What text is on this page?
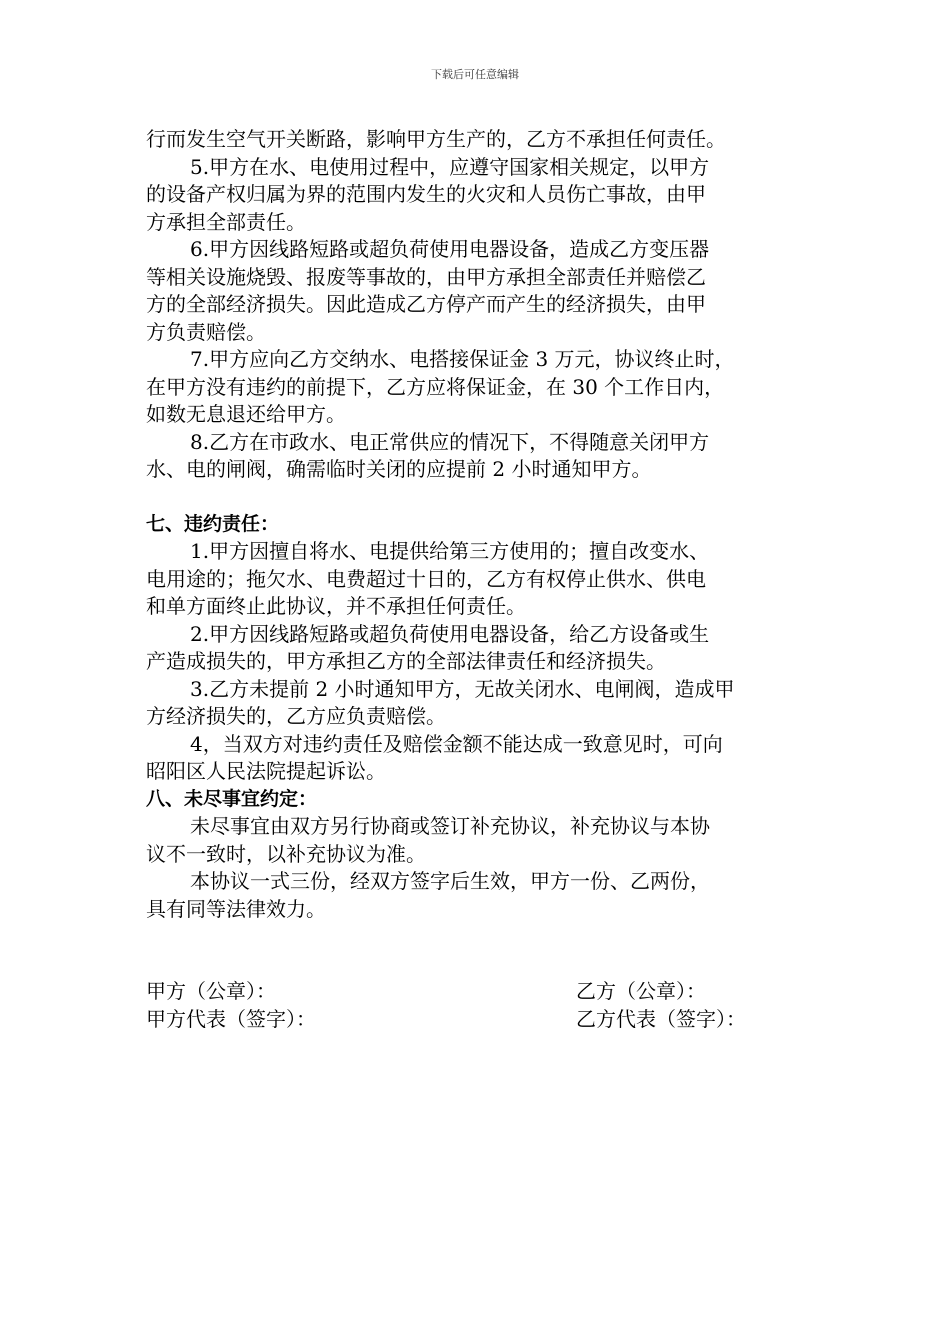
下载后可任意编辑
行而发生空气开关断路，影响甲方生产的，乙方不承担任何责任。
5.甲方在水、电使用过程中，应遵守国家相关规定，以甲方
的设备产权归属为界的范围内发生的火灾和人员伤亡事故，由甲
方承担全部责任。
6.甲方因线路短路或超负荷使用电器设备，造成乙方变压器
等相关设施烧毁、报废等事故的，由甲方承担全部责任并赔偿乙
方的全部经济损失。因此造成乙方停产而产生的经济损失，由甲
方负责赔偿。
7.甲方应向乙方交纳水、电搭接保证金 3 万元，协议终止时，
在甲方没有违约的前提下，乙方应将保证金，在 30 个工作日内，
如数无息退还给甲方。
8.乙方在市政水、电正常供应的情况下，不得随意关闭甲方
水、电的闸阀，确需临时关闭的应提前 2 小时通知甲方。
七、违约责任：
1.甲方因擅自将水、电提供给第三方使用的；擅自改变水、
电用途的；拖欠水、电费超过十日的，乙方有权停止供水、供电
和单方面终止此协议，并不承担任何责任。
2.甲方因线路短路或超负荷使用电器设备，给乙方设备或生
产造成损失的，甲方承担乙方的全部法律责任和经济损失。
3.乙方未提前 2 小时通知甲方，无故关闭水、电闸阀，造成甲
方经济损失的，乙方应负责赔偿。
4，当双方对违约责任及赔偿金额不能达成一致意见时，可向
昭阳区人民法院提起诉讼。
八、未尽事宜约定：
未尽事宜由双方另行协商或签订补充协议，补充协议与本协
议不一致时，以补充协议为准。
本协议一式三份，经双方签字后生效，甲方一份、乙两份，
具有同等法律效力。
甲方（公章）：	乙方（公章）：
甲方代表（签字）：	乙方代表（签字）：
